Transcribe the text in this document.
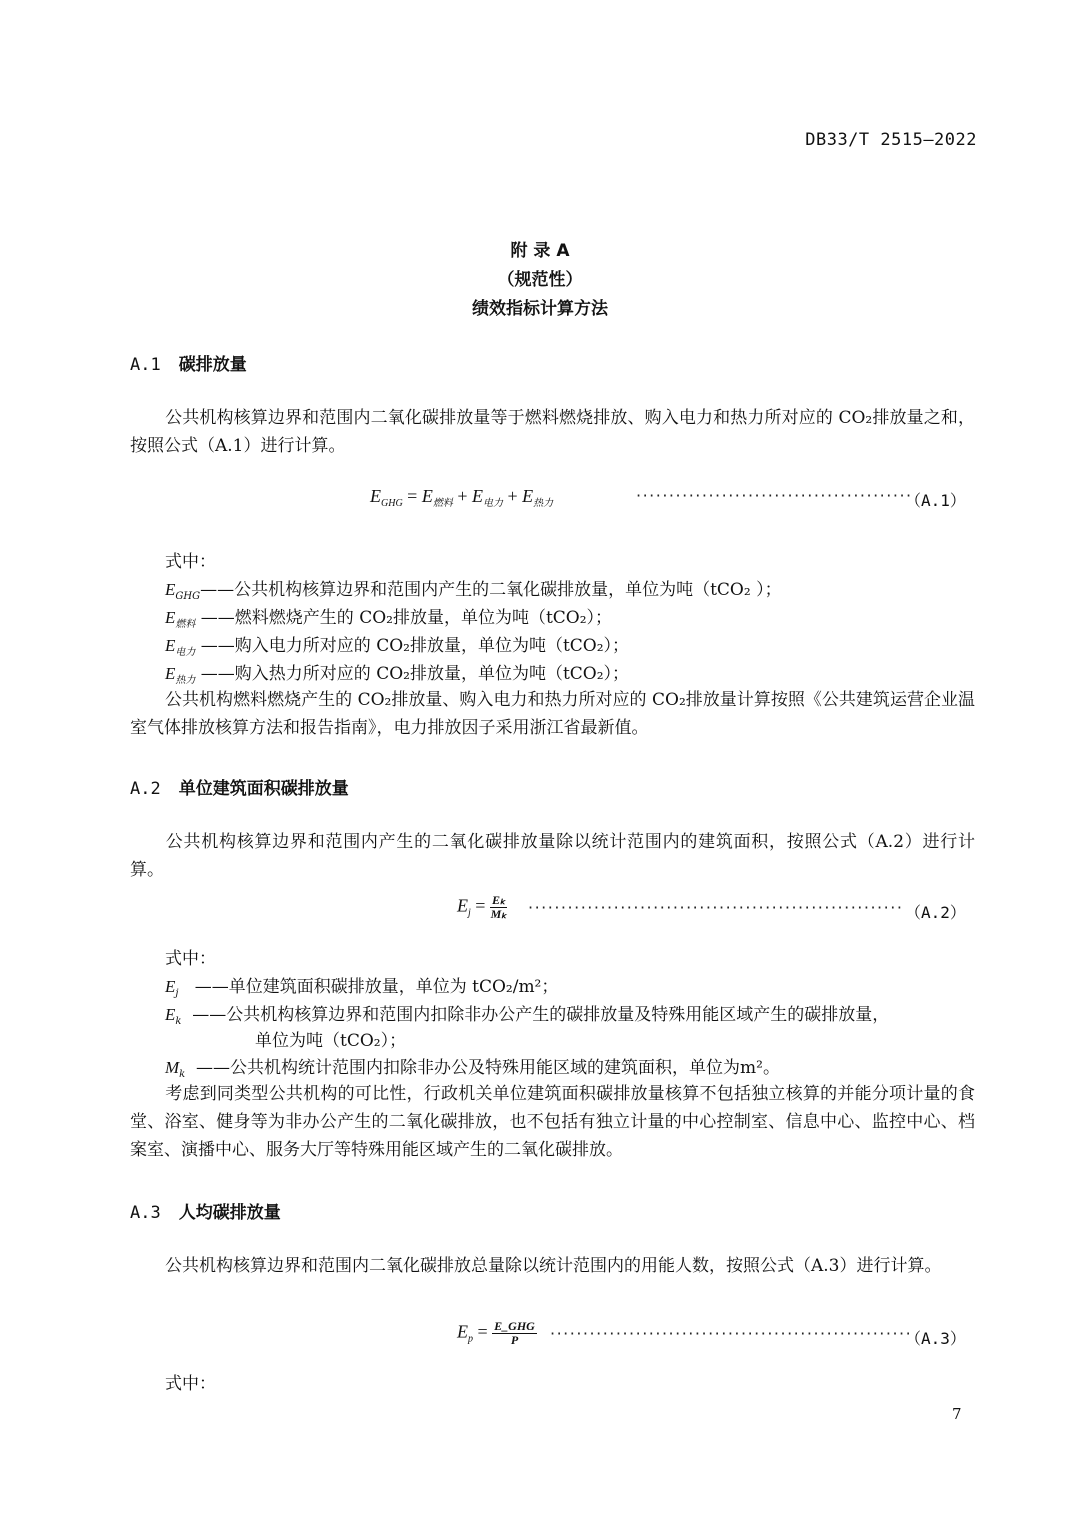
DB33/T 2515—2022
附 录 A
（规范性）
绩效指标计算方法
A.1 碳排放量
公共机构核算边界和范围内二氧化碳排放量等于燃料燃烧排放、购入电力和热力所对应的 CO₂排放量之和，按照公式（A.1）进行计算。
$E_{GHG} = E_{燃料} + E_{电力} + E_{热力}$	··········································
（A.1）
式中：
$E_{GHG}——$公共机构核算边界和范围内产生的二氧化碳排放量，单位为吨（tCO₂ ）；
$E_{燃料}$ ——燃料燃烧产生的 CO₂排放量，单位为吨（tCO₂）；
$E_{电力}$ ——购入电力所对应的 CO₂排放量，单位为吨（tCO₂）；
$E_{热力}$ ——购入热力所对应的 CO₂排放量，单位为吨（tCO₂）；
公共机构燃料燃烧产生的 CO₂排放量、购入电力和热力所对应的 CO₂排放量计算按照《公共建筑运营企业温室气体排放核算方法和报告指南》，电力排放因子采用浙江省最新值。
A.2 单位建筑面积碳排放量
公共机构核算边界和范围内产生的二氧化碳排放量除以统计范围内的建筑面积，按照公式（A.2）进行计算。
$E_j = \frac{\text{Eₖ}}{\text{Mₖ}}$ ························································· （A.2）
式中：
$E_j$ ——单位建筑面积碳排放量，单位为 tCO₂/m²；
$E_k$ ——公共机构核算边界和范围内扣除非办公产生的碳排放量及特殊用能区域产生的碳排放量，
单位为吨（tCO₂）；
$M_k$ ——公共机构统计范围内扣除非办公及特殊用能区域的建筑面积，单位为m²。
考虑到同类型公共机构的可比性，行政机关单位建筑面积碳排放量核算不包括独立核算的并能分项计量的食堂、浴室、健身等为非办公产生的二氧化碳排放，也不包括有独立计量的中心控制室、信息中心、监控中心、档案室、演播中心、服务大厅等特殊用能区域产生的二氧化碳排放。
A.3 人均碳排放量
公共机构核算边界和范围内二氧化碳排放总量除以统计范围内的用能人数，按照公式（A.3）进行计算。
$E_p = \frac{\text{E\_GHG}}{P}$ ·······················································
（A.3）
式中：
7
